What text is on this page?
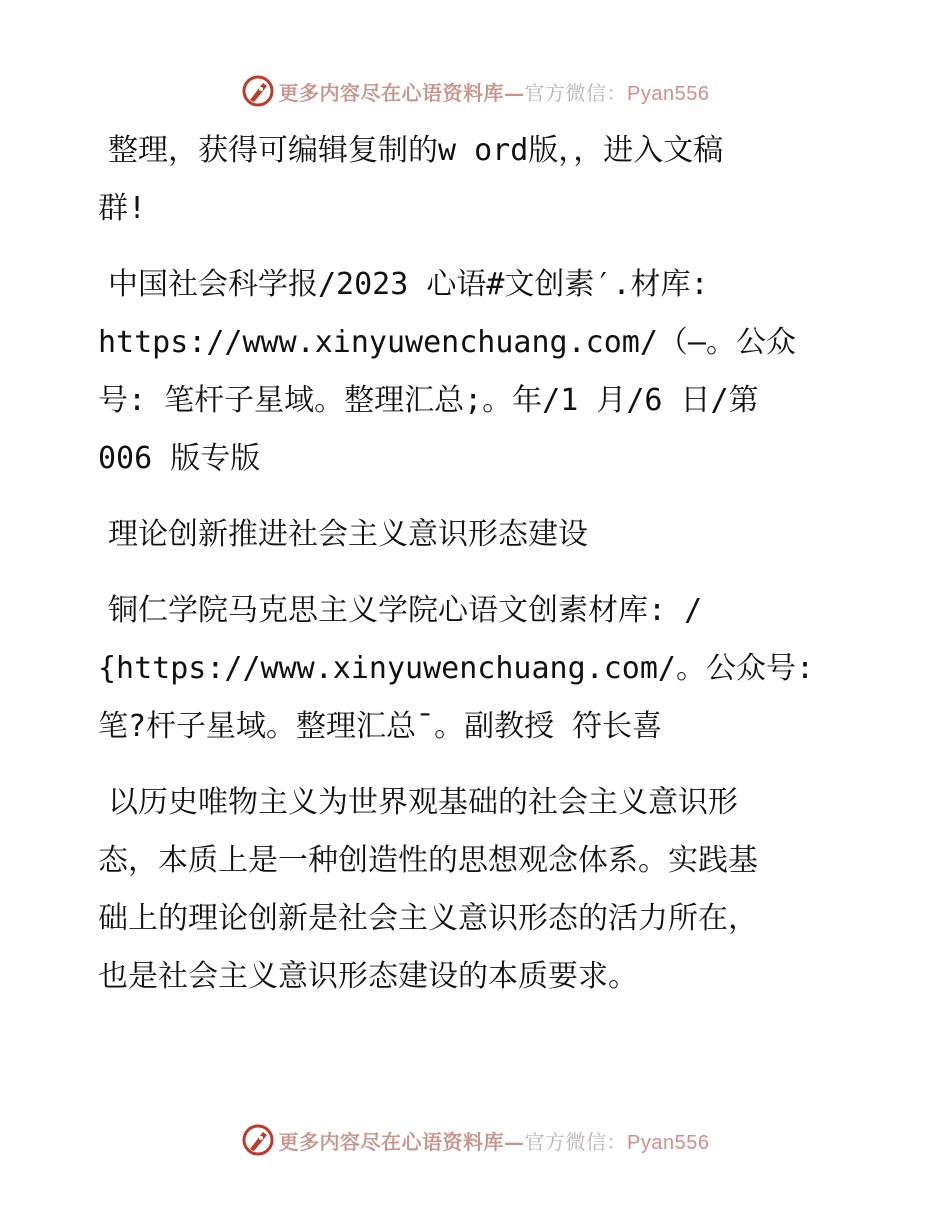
更多内容尽在心语资料库—官方微信：Pyan556
整理，获得可编辑复制的w ord版，，进入文稿
群!
中国社会科学报/2023 心语#文创素′.材库:
https://www.xinyuwenchuang.com/（—。公众
号: 笔杆子星域。整理汇总;。年/1 月/6 日/第
006 版专版
理论创新推进社会主义意识形态建设
铜仁学院马克思主义学院心语文创素材库: /
{https://www.xinyuwenchuang.com/。公众号:
笔?杆子星域。整理汇总¯。副教授 符长喜
以历史唯物主义为世界观基础的社会主义意识形
态，本质上是一种创造性的思想观念体系。实践基
础上的理论创新是社会主义意识形态的活力所在，
也是社会主义意识形态建设的本质要求。
更多内容尽在心语资料库—官方微信：Pyan556
